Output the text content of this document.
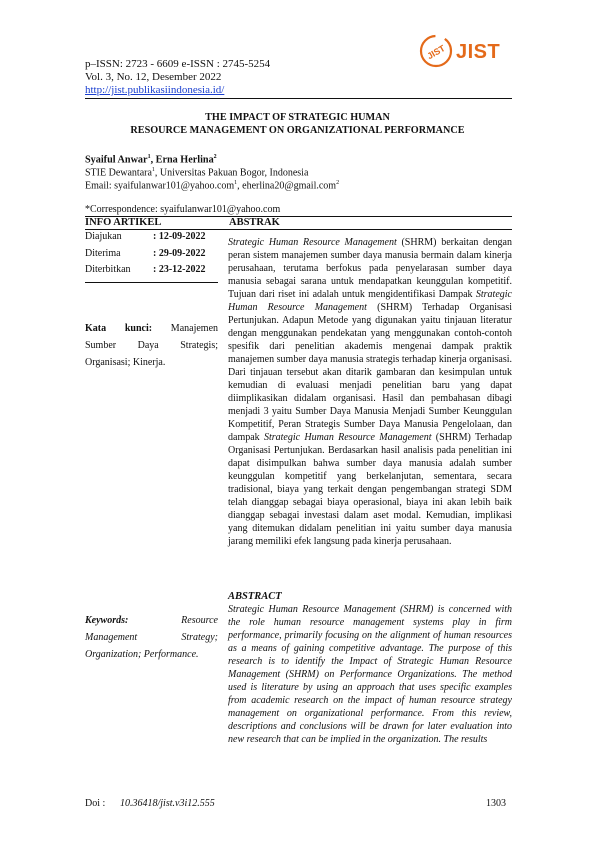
JIST JIST
p–ISSN: 2723 - 6609 e-ISSN : 2745-5254
Vol. 3, No. 12, Desember 2022
http://jist.publikasiindonesia.id/
THE IMPACT OF STRATEGIC HUMAN
RESOURCE MANAGEMENT ON ORGANIZATIONAL PERFORMANCE
Syaiful Anwar$^1$, Erna Herlina$^2$
STIE Dewantara$^1$, Universitas Pakuan Bogor, Indonesia
Email: syaifulanwar101@yahoo.com$^1$, eherlina20@gmail.com$^2$
*Correspondence: syaifulanwar101@yahoo.com
INFO ARTIKEL	ABSTRAK
Diajukan	: 12-09-2022
Diterima	: 29-09-2022
Diterbitkan	: 23-12-2022
Kata kunci: Manajemen Sumber Daya Strategis; Organisasi; Kinerja.
Keywords: Resource Management Strategy; Organization; Performance.

Strategic Human Resource Management (SHRM) berkaitan dengan peran sistem manajemen sumber daya manusia bermain dalam kinerja perusahaan, terutama berfokus pada penyelarasan sumber daya manusia sebagai sarana untuk mendapatkan keunggulan kompetitif. Tujuan dari riset ini adalah untuk mengidentifikasi Dampak Strategic Human Resource Management (SHRM) Terhadap Organisasi Pertunjukan. Adapun Metode yang digunakan yaitu tinjauan literatur dengan menggunakan pendekatan yang menggunakan contoh-contoh spesifik dari penelitian akademis mengenai dampak praktik manajemen sumber daya manusia strategis terhadap kinerja organisasi. Dari tinjauan tersebut akan ditarik gambaran dan kesimpulan untuk kemudian di evaluasi menjadi penelitian baru yang dapat diimplikasikan didalam organisasi. Hasil dan pembahasan dibagi menjadi 3 yaitu Sumber Daya Manusia Menjadi Sumber Keunggulan Kompetitif, Peran Strategis Sumber Daya Manusia Pengelolaan, dan dampak Strategic Human Resource Management (SHRM) Terhadap Organisasi Pertunjukan. Berdasarkan hasil analisis pada penelitian ini dapat disimpulkan bahwa sumber daya manusia adalah sumber keunggulan kompetitif yang berkelanjutan, sementara, secara tradisional, biaya yang terkait dengan pengembangan strategi SDM telah dianggap sebagai biaya operasional, biaya ini akan lebih baik dianggap sebagai investasi dalam aset modal. Kemudian, implikasi yang ditemukan didalam penelitian ini yaitu sumber daya manusia jarang memiliki efek langsung pada kinerja perusahaan.

ABSTRACT
Strategic Human Resource Management (SHRM) is concerned with the role human resource management systems play in firm performance, primarily focusing on the alignment of human resources as a means of gaining competitive advantage. The purpose of this research is to identify the Impact of Strategic Human Resource Management (SHRM) on Performance Organizations. The method used is literature by using an approach that uses specific examples from academic research on the impact of human resource strategy management on organizational performance. From this review, descriptions and conclusions will be drawn for later evaluation into new research that can be implied in the organization. The results
Doi : 10.36418/jist.v3i12.555	1303
